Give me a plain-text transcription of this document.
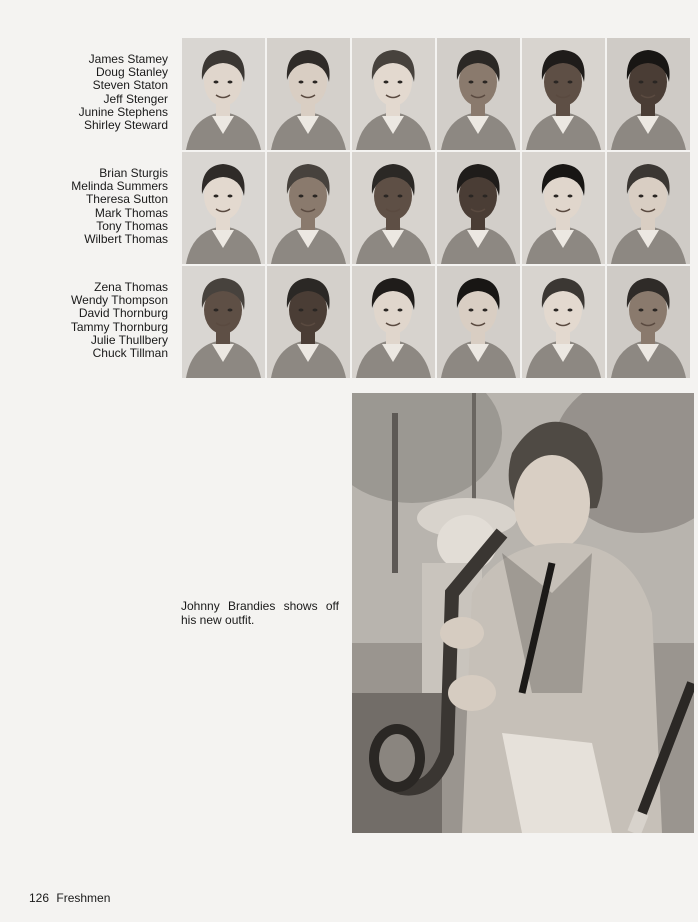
James Stamey
Doug Stanley
Steven Staton
Jeff Stenger
Junine Stephens
Shirley Steward
Brian Sturgis
Melinda Summers
Theresa Sutton
Mark Thomas
Tony Thomas
Wilbert Thomas
Zena Thomas
Wendy Thompson
David Thornburg
Tammy Thornburg
Julie Thullbery
Chuck Tillman
Johnny Brandies shows off his new outfit.
126 Freshmen
